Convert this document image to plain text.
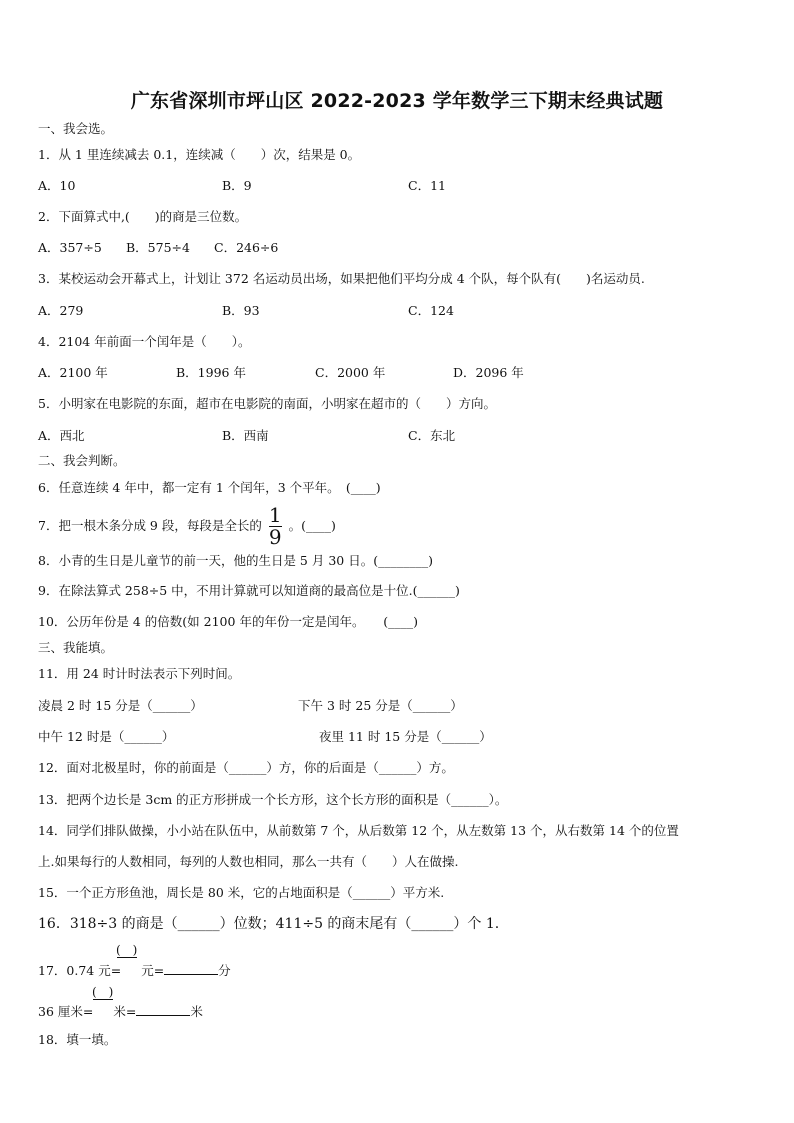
广东省深圳市坪山区 2022-2023 学年数学三下期末经典试题
一、我会选。
1．从 1 里连续减去 0.1，连续减（　　）次，结果是 0。
A．10	B．9	C．11
2．下面算式中,(　　)的商是三位数。
A．357÷5 B．575÷4 C．246÷6
3．某校运动会开幕式上，计划让 372 名运动员出场，如果把他们平均分成 4 个队，每个队有(　　)名运动员.
A．279	B．93	C．124
4．2104 年前面一个闰年是（　　）。
A．2100 年	B．1996 年	C．2000 年	D．2096 年
5．小明家在电影院的东面，超市在电影院的南面，小明家在超市的（　　）方向。
A．西北	B．西南	C．东北
二、我会判断。
6．任意连续 4 年中，都一定有 1 个闰年，3 个平年。　(____)
7．把一根木条分成 9 段，每段是全长的 $\frac{1}{9}$ 。(____)
8．小青的生日是儿童节的前一天，他的生日是 5 月 30 日。(________)
9．在除法算式 258÷5 中，不用计算就可以知道商的最高位是十位.(______)
10．公历年份是 4 的倍数(如 2100 年的年份一定是闰年。　　(____)
三、我能填。
11．用 24 时计时法表示下列时间。
凌晨 2 时 15 分是（______）	下午 3 时 25 分是（______）
中午 12 时是（______）	夜里 11 时 15 分是（______）
12．面对北极星时，你的前面是（______）方，你的后面是（______）方。
13．把两个边长是 3cm 的正方形拼成一个长方形，这个长方形的面积是（______）。
14．同学们排队做操，小小站在队伍中，从前数第 7 个，从后数第 12 个，从左数第 13 个，从右数第 14 个的位置
上.如果每行的人数相同，每列的人数也相同，那么一共有（　　）人在做操.
15．一个正方形鱼池，周长是 80 米，它的占地面积是（______）平方米.
16．318÷3 的商是（______）位数；411÷5 的商末尾有（______）个 1.
(　)
17．0.74 元= 元=	分
(　)
36 厘米= 米=	米
18．填一填。
